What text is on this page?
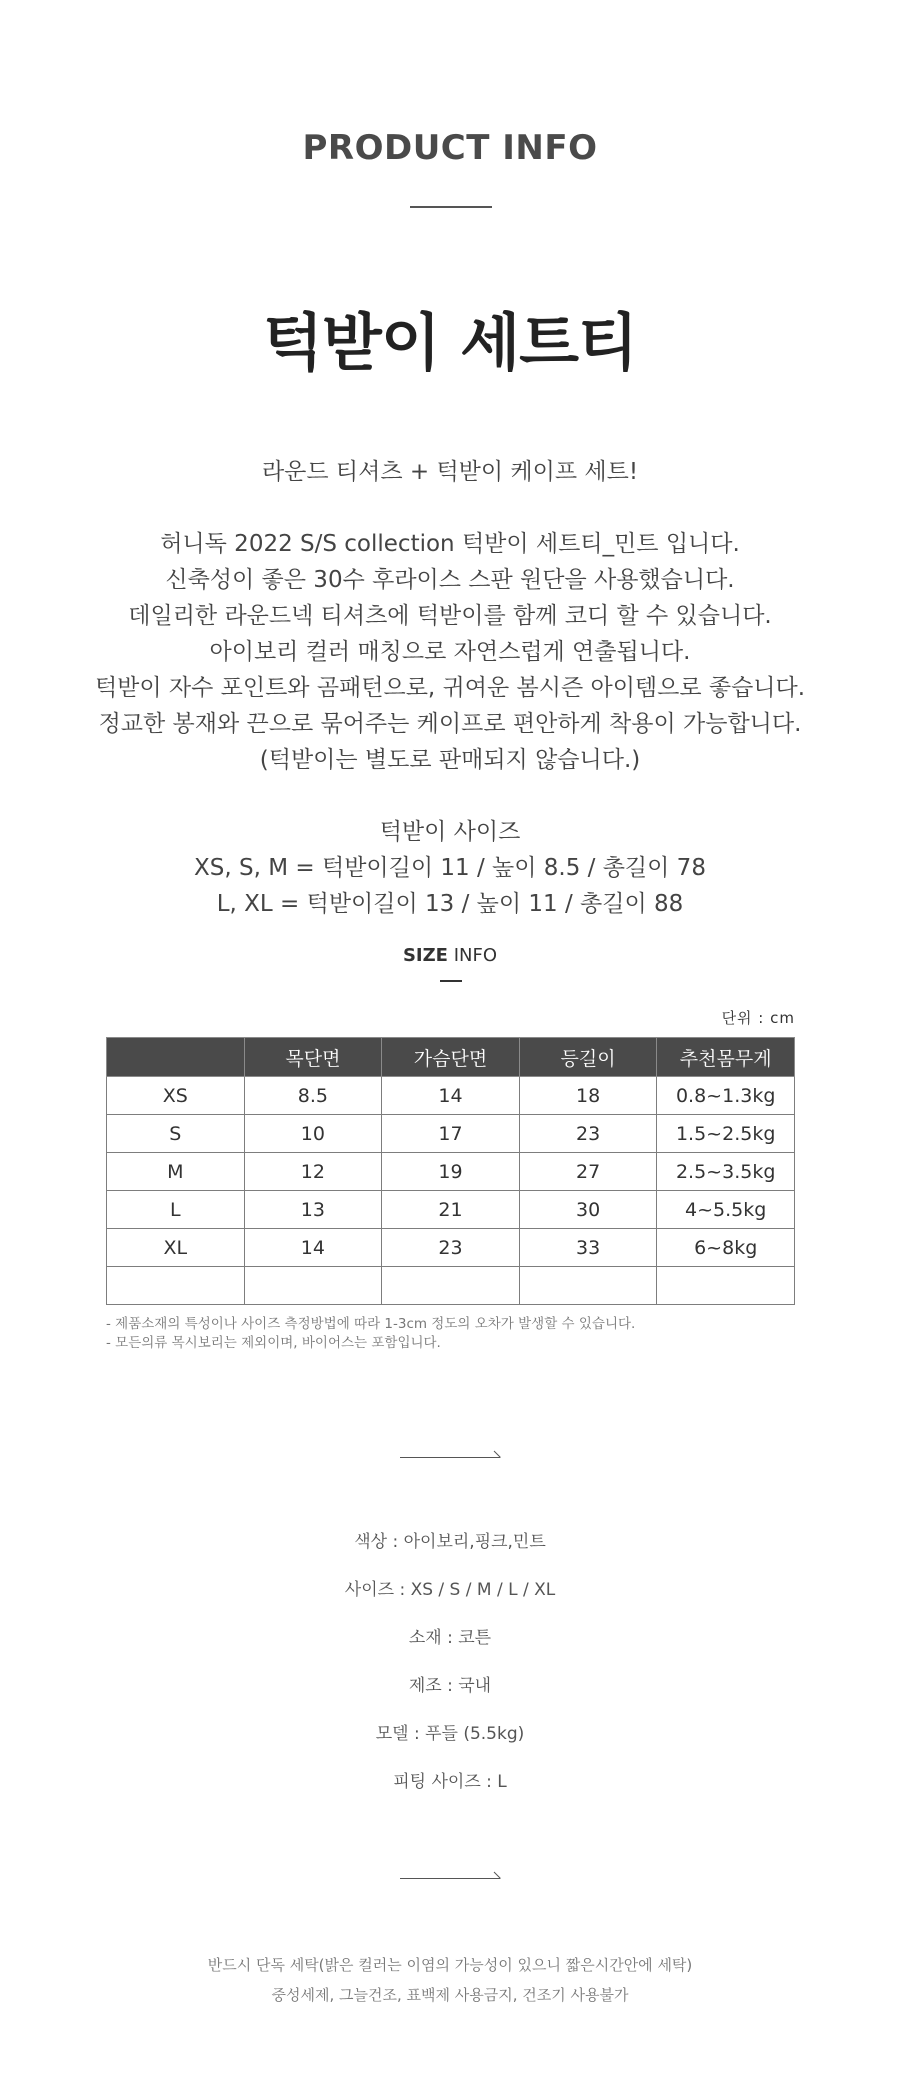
PRODUCT INFO
턱받이 세트티
라운드 티셔츠 + 턱받이 케이프 세트!
허니독 2022 S/S collection 턱받이 세트티_민트 입니다.
신축성이 좋은 30수 후라이스 스판 원단을 사용했습니다.
데일리한 라운드넥 티셔츠에 턱받이를 함께 코디 할 수 있습니다.
아이보리 컬러 매칭으로 자연스럽게 연출됩니다.
턱받이 자수 포인트와 곰패턴으로, 귀여운 봄시즌 아이템으로 좋습니다.
정교한 봉재와 끈으로 묶어주는 케이프로 편안하게 착용이 가능합니다.
(턱받이는 별도로 판매되지 않습니다.)
턱받이 사이즈
XS, S, M = 턱받이길이 11 / 높이 8.5 / 총길이 78
L, XL = 턱받이길이 13 / 높이 11 / 총길이 88
SIZE INFO
단위 : cm
	목단면	가슴단면	등길이	추천몸무게
XS	8.5	14	18	0.8~1.3kg
S	10	17	23	1.5~2.5kg
M	12	19	27	2.5~3.5kg
L	13	21	30	4~5.5kg
XL	14	23	33	6~8kg

- 제품소재의 특성이나 사이즈 측정방법에 따라 1-3cm 정도의 오차가 발생할 수 있습니다.
- 모든의류 목시보리는 제외이며, 바이어스는 포함입니다.
색상 : 아이보리,핑크,민트
사이즈 : XS / S / M / L / XL
소재 : 코튼
제조 : 국내
모델 : 푸들 (5.5kg)
피팅 사이즈 : L
반드시 단독 세탁(밝은 컬러는 이염의 가능성이 있으니 짧은시간안에 세탁)
중성세제, 그늘건조, 표백제 사용금지, 건조기 사용불가
